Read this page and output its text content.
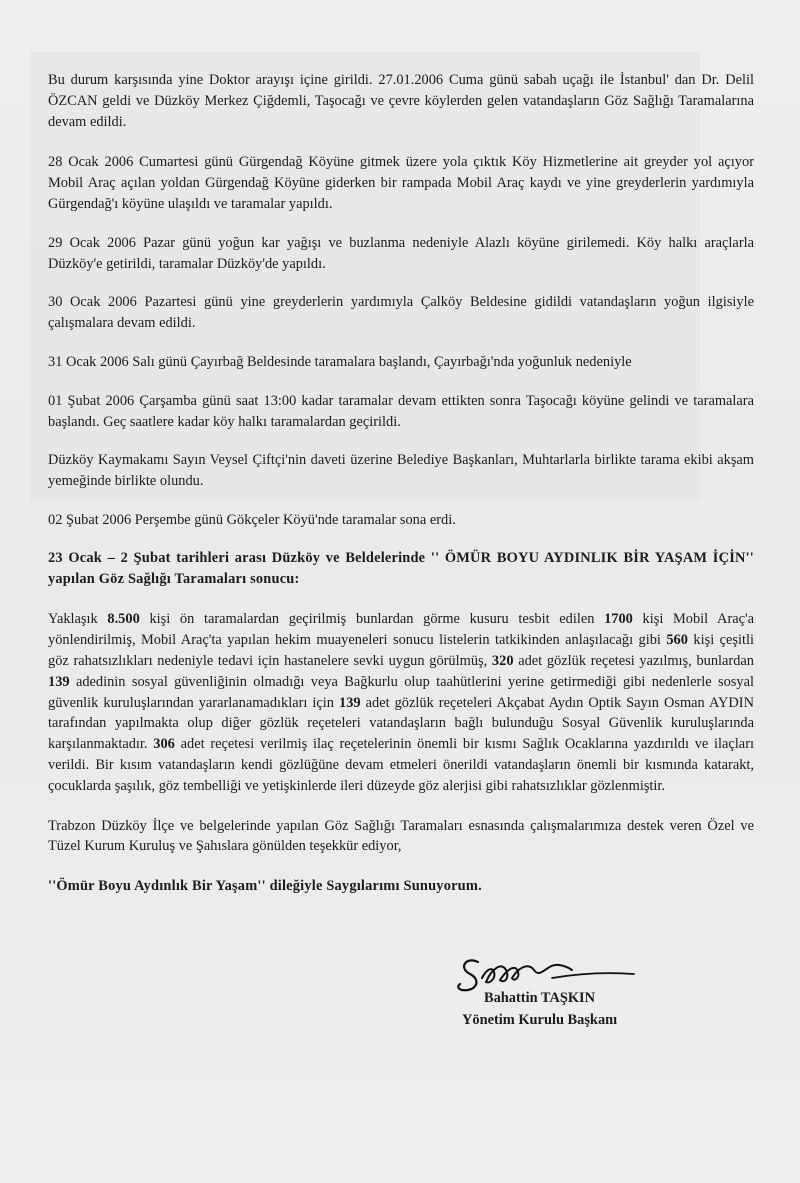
Bu durum karşısında yine Doktor arayışı içine girildi. 27.01.2006 Cuma günü sabah uçağı ile İstanbul' dan Dr. Delil ÖZCAN geldi ve Düzköy Merkez Çiğdemli, Taşocağı ve çevre köylerden gelen vatandaşların Göz Sağlığı Taramalarına devam edildi.

28 Ocak 2006 Cumartesi günü Gürgendağ Köyüne gitmek üzere yola çıktık Köy Hizmetlerine ait greyder yol açıyor Mobil Araç açılan yoldan Gürgendağ Köyüne giderken bir rampada Mobil Araç kaydı ve yine greyderlerin yardımıyla Gürgendağ'ı köyüne ulaşıldı ve taramalar yapıldı.

29 Ocak 2006 Pazar günü yoğun kar yağışı ve buzlanma nedeniyle Alazlı köyüne girilemedi. Köy halkı araçlarla Düzköy'e getirildi, taramalar Düzköy'de yapıldı.

30 Ocak 2006 Pazartesi günü yine greyderlerin yardımıyla Çalköy Beldesine gidildi vatandaşların yoğun ilgisiyle çalışmalara devam edildi.

31 Ocak 2006 Salı günü Çayırbağ Beldesinde taramalara başlandı, Çayırbağı'nda yoğunluk nedeniyle

01 Şubat 2006 Çarşamba günü saat 13:00 kadar taramalar devam ettikten sonra Taşocağı köyüne gelindi ve taramalara başlandı. Geç saatlere kadar köy halkı taramalardan geçirildi.

Düzköy Kaymakamı Sayın Veysel Çiftçi'nin daveti üzerine Belediye Başkanları, Muhtarlarla birlikte tarama ekibi akşam yemeğinde birlikte olundu.

02 Şubat 2006 Perşembe günü Gökçeler Köyü'nde taramalar sona erdi.

23 Ocak – 2 Şubat tarihleri arası Düzköy ve Beldelerinde '' ÖMÜR BOYU AYDINLIK BİR YAŞAM İÇİN'' yapılan Göz Sağlığı Taramaları sonucu:

Yaklaşık 8.500 kişi ön taramalardan geçirilmiş bunlardan görme kusuru tesbit edilen 1700 kişi Mobil Araç'a yönlendirilmiş, Mobil Araç'ta yapılan hekim muayeneleri sonucu listelerin tatkikinden anlaşılacağı gibi 560 kişi çeşitli göz rahatsızlıkları nedeniyle tedavi için hastanelere sevki uygun görülmüş, 320 adet gözlük reçetesi yazılmış, bunlardan 139 adedinin sosyal güvenliğinin olmadığı veya Bağkurlu olup taahütlerini yerine getirmediği gibi nedenlerle sosyal güvenlik kuruluşlarından yararlanamadıkları için 139 adet gözlük reçeteleri Akçabat Aydın Optik Sayın Osman AYDIN tarafından yapılmakta olup diğer gözlük reçeteleri vatandaşların bağlı bulunduğu Sosyal Güvenlik kuruluşlarında karşılanmaktadır. 306 adet reçetesi verilmiş ilaç reçetelerinin önemli bir kısmı Sağlık Ocaklarına yazdırıldı ve ilaçları verildi. Bir kısım vatandaşların kendi gözlüğüne devam etmeleri önerildi vatandaşların önemli bir kısmında katarakt, çocuklarda şaşılık, göz tembelliği ve yetişkinlerde ileri düzeyde göz alerjisi gibi rahatsızlıklar gözlenmiştir.

Trabzon Düzköy İlçe ve belgelerinde yapılan Göz Sağlığı Taramaları esnasında çalışmalarımıza destek veren Özel ve Tüzel Kurum Kuruluş ve Şahıslara gönülden teşekkür ediyor,

''Ömür Boyu Aydınlık Bir Yaşam'' dileğiyle Saygılarımı Sunuyorum.

Bahattin TAŞKIN
Yönetim Kurulu Başkanı
